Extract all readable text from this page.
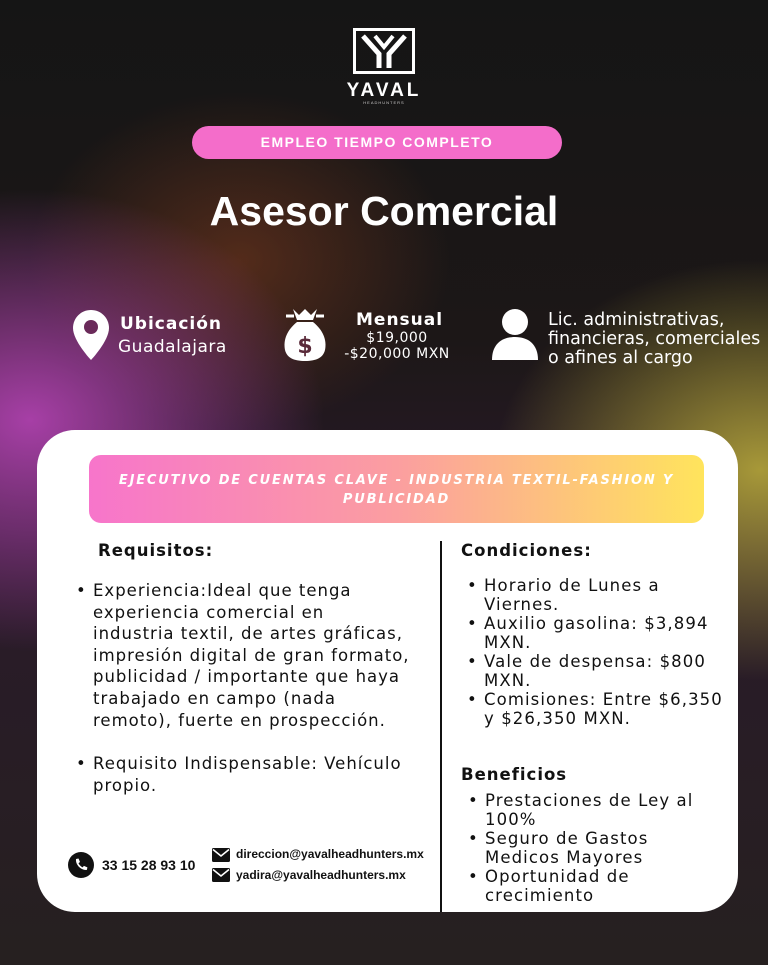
YAVAL
HEADHUNTERS
EMPLEO TIEMPO COMPLETO
Asesor Comercial
Ubicación
Guadalajara	$
Mensual
$19,000
-$20,000 MXN
Lic. administrativas, financieras, comerciales o afines al cargo
EJECUTIVO DE CUENTAS CLAVE - INDUSTRIA TEXTIL-FASHION Y PUBLICIDAD
Requisitos:
• Experiencia:Ideal que tenga experiencia comercial en industria textil, de artes gráficas, impresión digital de gran formato, publicidad / importante que haya trabajado en campo (nada remoto), fuerte en prospección.
• Requisito Indispensable: Vehículo propio.
Condiciones:
• Horario de Lunes a Viernes.
• Auxilio gasolina: $3,894 MXN.
• Vale de despensa: $800 MXN.
• Comisiones: Entre $6,350 y $26,350 MXN.
Beneficios
• Prestaciones de Ley al 100%
• Seguro de Gastos Medicos Mayores
• Oportunidad de crecimiento
33 15 28 93 10
direccion@yavalheadhunters.mx
yadira@yavalheadhunters.mx
